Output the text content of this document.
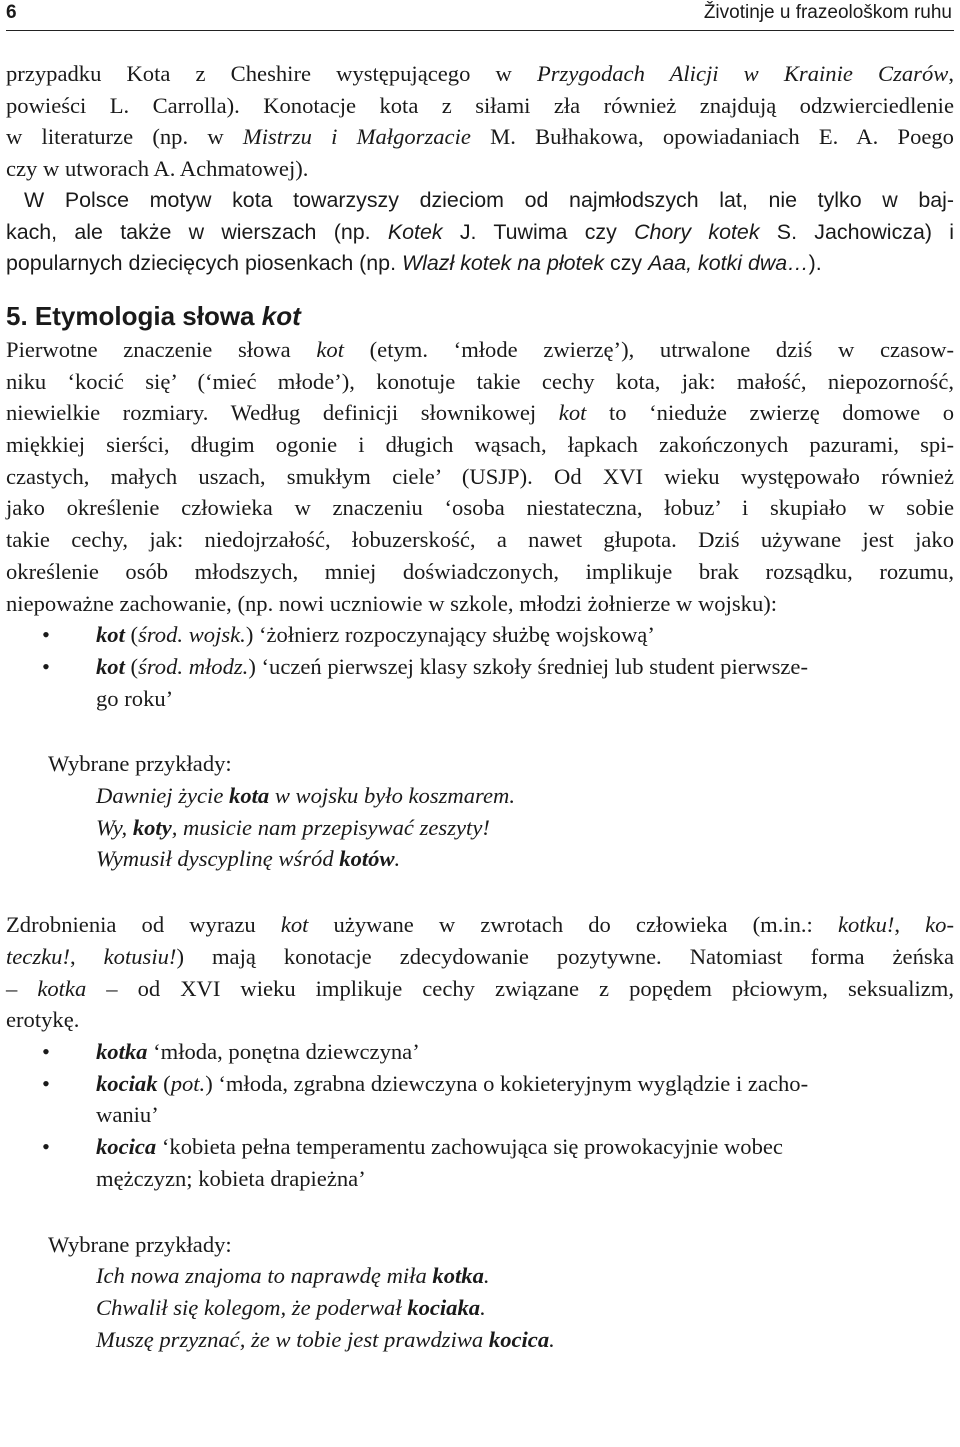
6	Životinje u frazeološkom ruhu
przypadku Kota z Cheshire występującego w Przygodach Alicji w Krainie Czarów,
powieści L. Carrolla). Konotacje kota z siłami zła również znajdują odzwierciedlenie
w literaturze (np. w Mistrzu i Małgorzacie M. Bułhakowa, opowiadaniach E. A. Poego
czy w utworach A. Achmatowej).
W Polsce motyw kota towarzyszy dzieciom od najmłodszych lat, nie tylko w baj-
kach, ale także w wierszach (np. Kotek J. Tuwima czy Chory kotek S. Jachowicza) i
popularnych dziecięcych piosenkach (np. Wlazł kotek na płotek czy Aaa, kotki dwa…).
5. Etymologia słowa kot
Pierwotne znaczenie słowa kot (etym. ‘młode zwierzę’), utrwalone dziś w czasow-
niku ‘kocić się’ (‘mieć młode’), konotuje takie cechy kota, jak: małość, niepozorność,
niewielkie rozmiary. Według definicji słownikowej kot to ‘nieduże zwierzę domowe o
miękkiej sierści, długim ogonie i długich wąsach, łapkach zakończonych pazurami, spi-
czastych, małych uszach, smukłym ciele’ (USJP). Od XVI wieku występowało również
jako określenie człowieka w znaczeniu ‘osoba niestateczna, łobuz’ i skupiało w sobie
takie cechy, jak: niedojrzałość, łobuzerskość, a nawet głupota. Dziś używane jest jako
określenie osób młodszych, mniej doświadczonych, implikuje brak rozsądku, rozumu,
niepoważne zachowanie, (np. nowi uczniowie w szkole, młodzi żołnierze w wojsku):
• kot (środ. wojsk.) ‘żołnierz rozpoczynający służbę wojskową’
• kot (środ. młodz.) ‘uczeń pierwszej klasy szkoły średniej lub student pierwsze-
go roku’
Wybrane przykłady:
Dawniej życie kota w wojsku było koszmarem.
Wy, koty, musicie nam przepisywać zeszyty!
Wymusił dyscyplinę wśród kotów.
Zdrobnienia od wyrazu kot używane w zwrotach do człowieka (m.in.: kotku!, ko-
teczku!, kotusiu!) mają konotacje zdecydowanie pozytywne. Natomiast forma żeńska
– kotka – od XVI wieku implikuje cechy związane z popędem płciowym, seksualizm,
erotykę.
• kotka ‘młoda, ponętna dziewczyna’
• kociak (pot.) ‘młoda, zgrabna dziewczyna o kokieteryjnym wyglądzie i zacho-
waniu’
• kocica ‘kobieta pełna temperamentu zachowująca się prowokacyjnie wobec
mężczyzn; kobieta drapieżna’
Wybrane przykłady:
Ich nowa znajoma to naprawdę miła kotka.
Chwalił się kolegom, że poderwał kociaka.
Muszę przyznać, że w tobie jest prawdziwa kocica.
